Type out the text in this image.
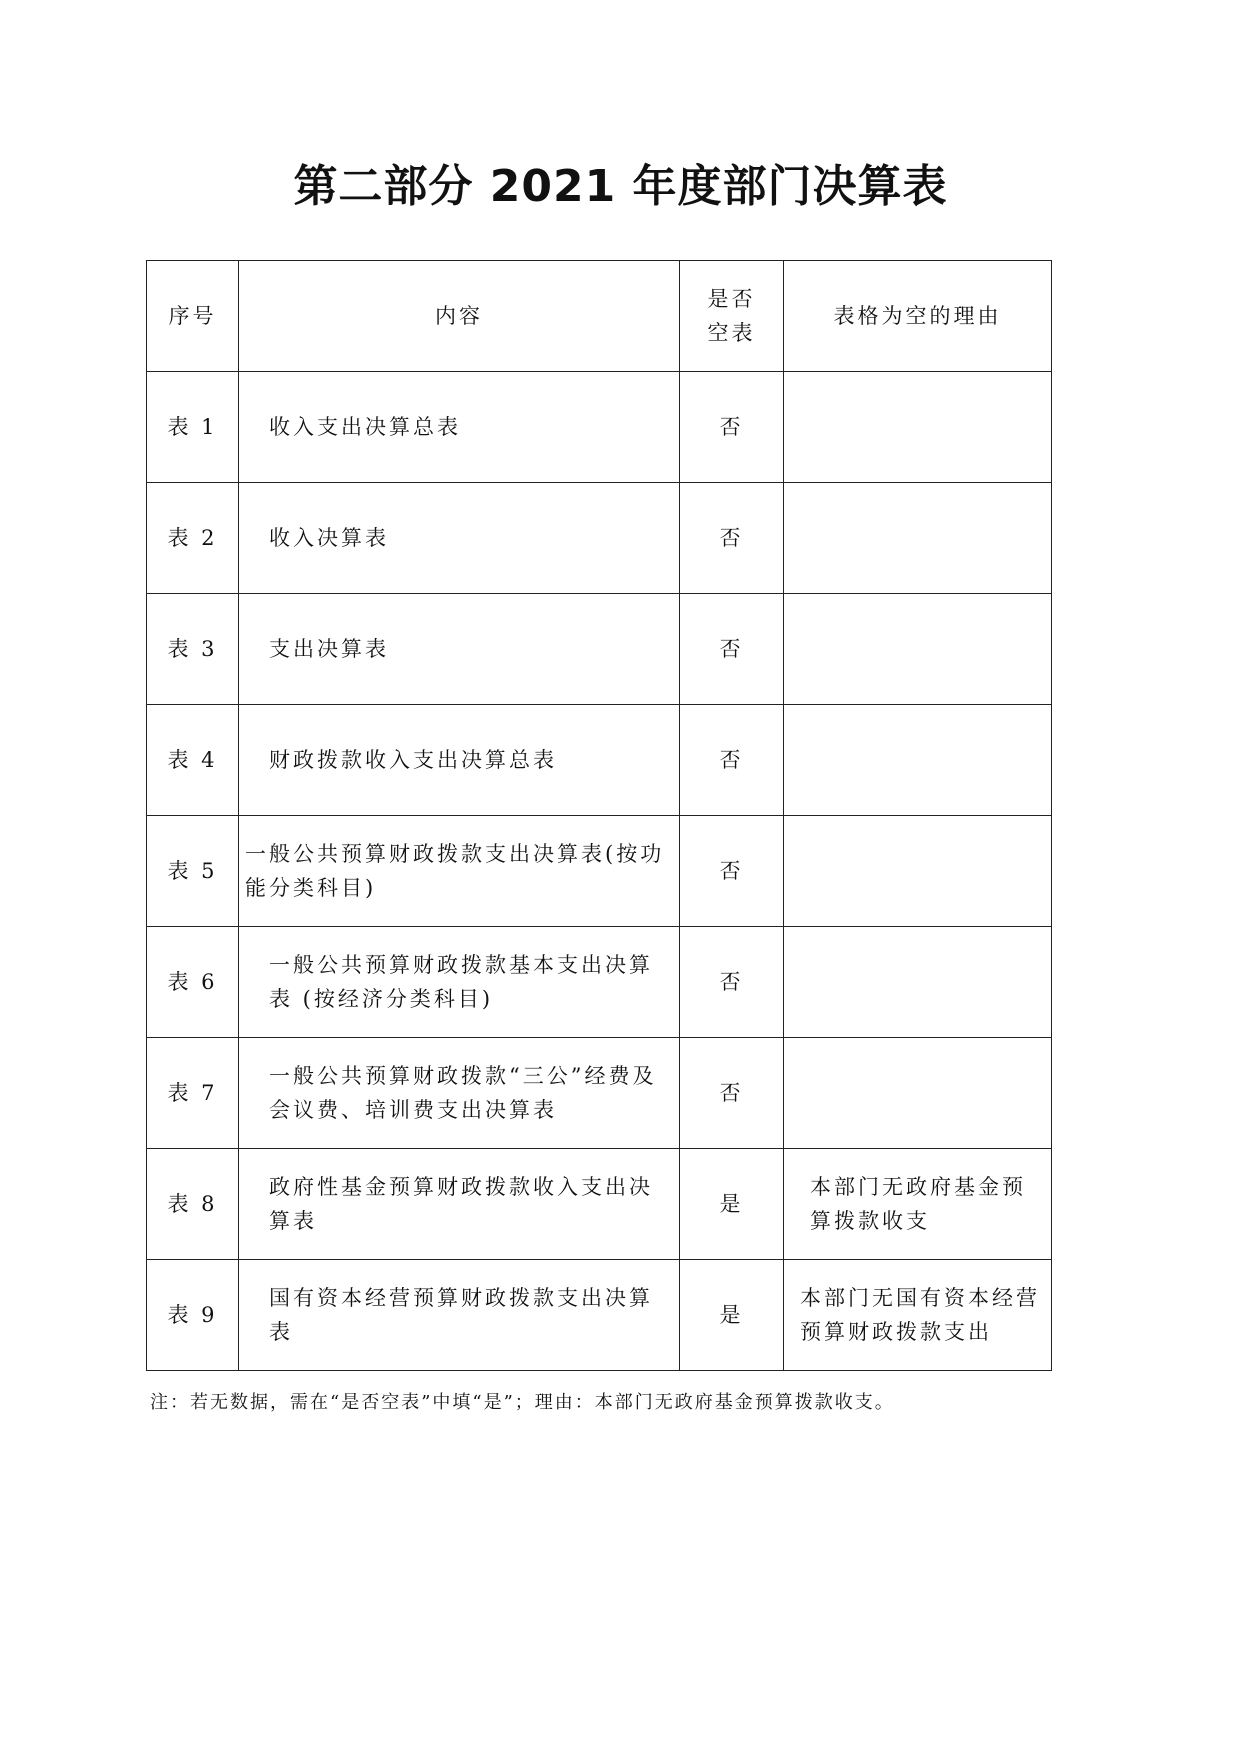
第二部分 2021 年度部门决算表
序号	内容	是否空表	表格为空的理由
表 1	收入支出决算总表	否	
表 2	收入决算表	否	
表 3	支出决算表	否	
表 4	财政拨款收入支出决算总表	否	
表 5	一般公共预算财政拨款支出决算表(按功能分类科目)	否	
表 6	一般公共预算财政拨款基本支出决算表 (按经济分类科目)	否	
表 7	一般公共预算财政拨款“三公”经费及会议费、培训费支出决算表	否	
表 8	政府性基金预算财政拨款收入支出决算表	是	本部门无政府基金预算拨款收支
表 9	国有资本经营预算财政拨款支出决算表	是	本部门无国有资本经营预算财政拨款支出

注：若无数据，需在“是否空表”中填“是”；理由：本部门无政府基金预算拨款收支。
